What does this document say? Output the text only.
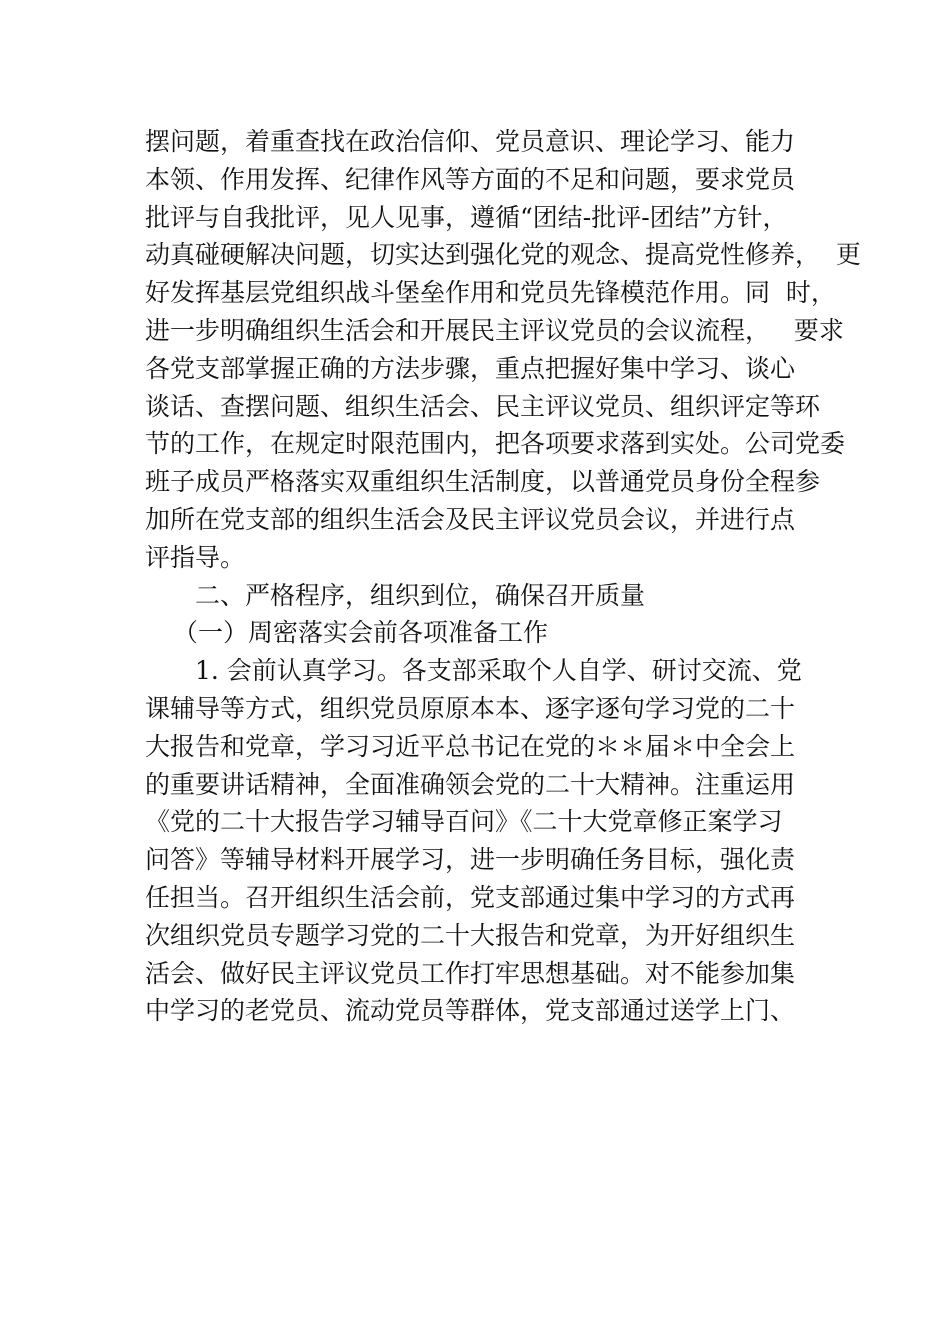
摆问题，着重查找在政治信仰、党员意识、理论学习、能力
本领、作用发挥、纪律作风等方面的不足和问题，要求党员
批评与自我批评，见人见事，遵循“团结-批评-团结”方针，
动真碰硬解决问题，切实达到强化党的观念、提高党性修养，  更
好发挥基层党组织战斗堡垒作用和党员先锋模范作用。同  时，
进一步明确组织生活会和开展民主评议党员的会议流程，   要求
各党支部掌握正确的方法步骤，重点把握好集中学习、谈心
谈话、查摆问题、组织生活会、民主评议党员、组织评定等环
节的工作，在规定时限范围内，把各项要求落到实处。公司党委
班子成员严格落实双重组织生活制度，以普通党员身份全程参
加所在党支部的组织生活会及民主评议党员会议，并进行点
评指导。
二、严格程序，组织到位，确保召开质量
（一）周密落实会前各项准备工作
1. 会前认真学习。各支部采取个人自学、研讨交流、党
课辅导等方式，组织党员原原本本、逐字逐句学习党的二十
大报告和党章，学习习近平总书记在党的＊＊届＊中全会上
的重要讲话精神，全面准确领会党的二十大精神。注重运用
《党的二十大报告学习辅导百问》《二十大党章修正案学习
问答》等辅导材料开展学习，进一步明确任务目标，强化责
任担当。召开组织生活会前，党支部通过集中学习的方式再
次组织党员专题学习党的二十大报告和党章，为开好组织生
活会、做好民主评议党员工作打牢思想基础。对不能参加集
中学习的老党员、流动党员等群体，党支部通过送学上门、
